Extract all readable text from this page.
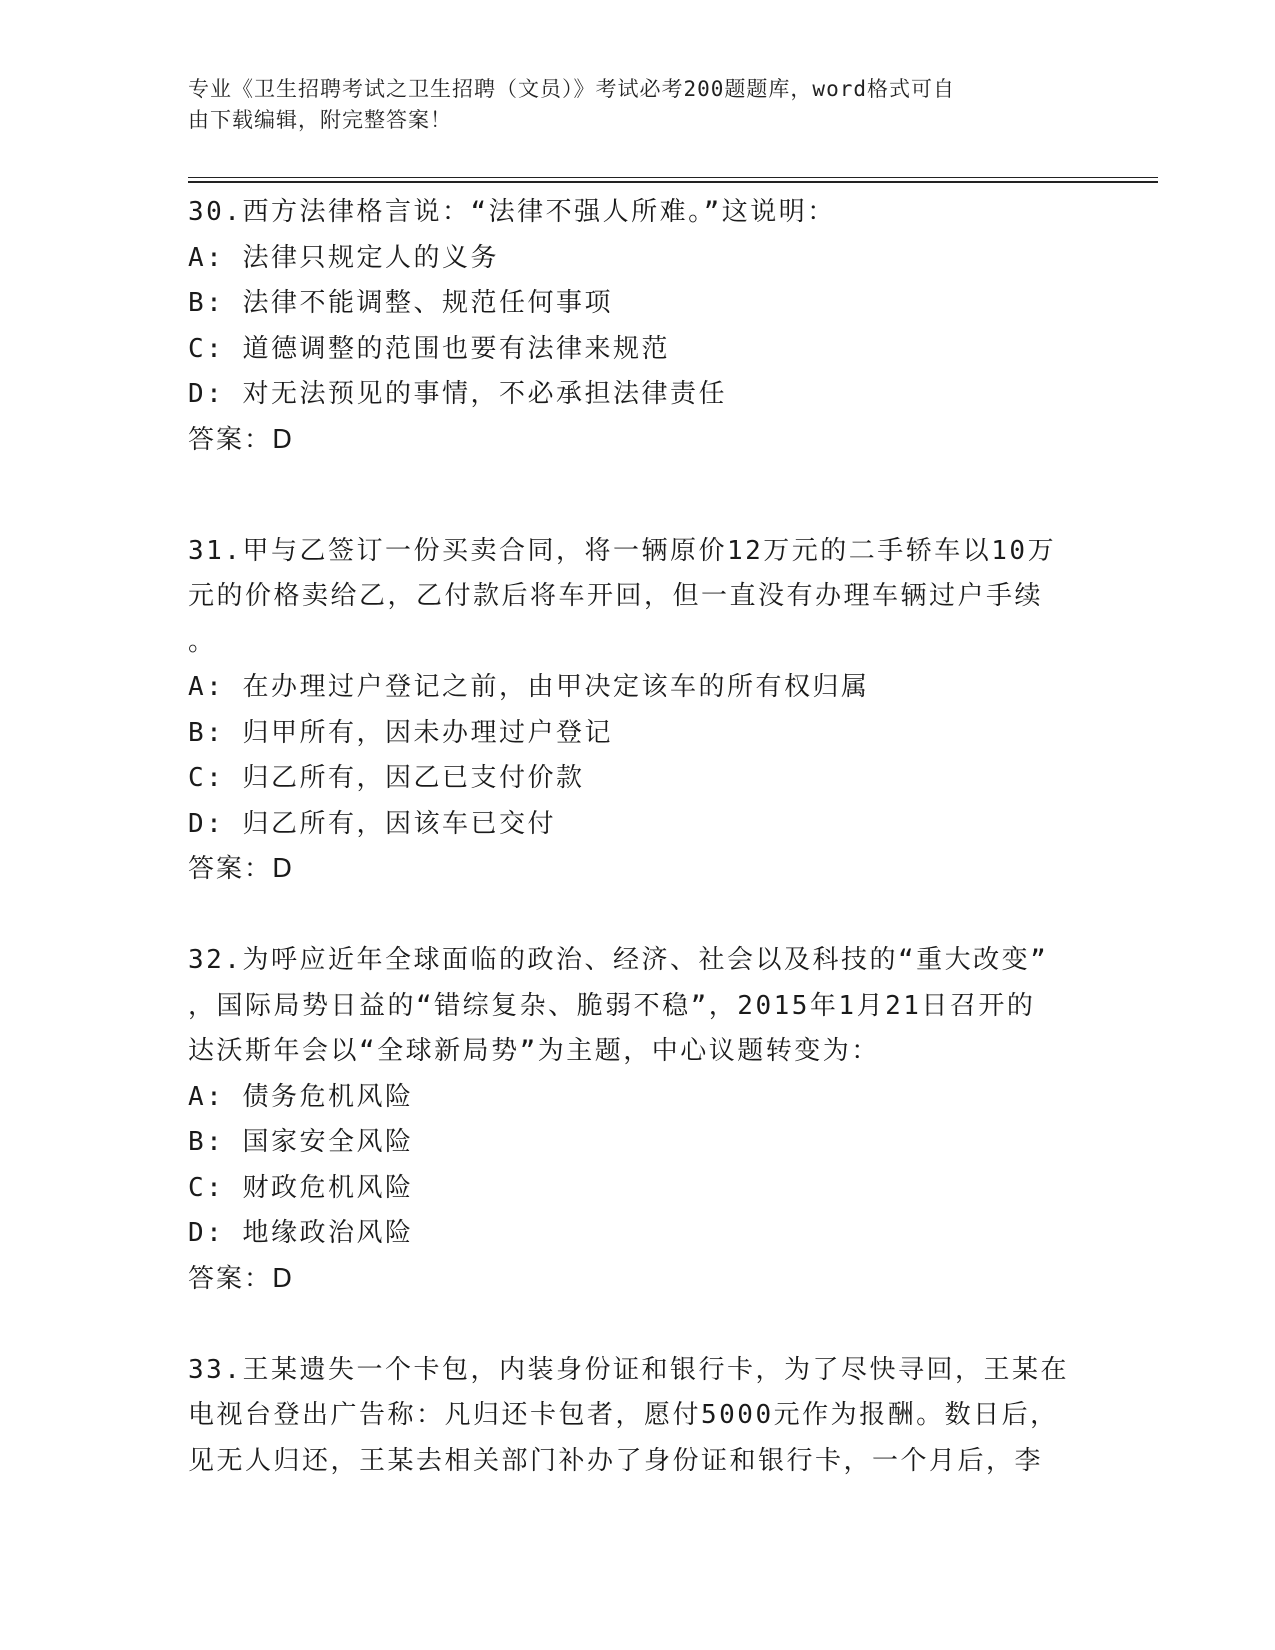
专业《卫生招聘考试之卫生招聘（文员）》考试必考200题题库，word格式可自
由下载编辑，附完整答案！
30.西方法律格言说：“法律不强人所难。”这说明：
A: 法律只规定人的义务
B: 法律不能调整、规范任何事项
C: 道德调整的范围也要有法律来规范
D: 对无法预见的事情，不必承担法律责任
答案：D
31.甲与乙签订一份买卖合同，将一辆原价12万元的二手轿车以10万
元的价格卖给乙，乙付款后将车开回，但一直没有办理车辆过户手续
。
A: 在办理过户登记之前，由甲决定该车的所有权归属
B: 归甲所有，因未办理过户登记
C: 归乙所有，因乙已支付价款
D: 归乙所有，因该车已交付
答案：D
32.为呼应近年全球面临的政治、经济、社会以及科技的“重大改变”
，国际局势日益的“错综复杂、脆弱不稳”，2015年1月21日召开的
达沃斯年会以“全球新局势”为主题，中心议题转变为：
A: 债务危机风险
B: 国家安全风险
C: 财政危机风险
D: 地缘政治风险
答案：D
33.王某遗失一个卡包，内装身份证和银行卡，为了尽快寻回，王某在
电视台登出广告称：凡归还卡包者，愿付5000元作为报酬。数日后，
见无人归还，王某去相关部门补办了身份证和银行卡，一个月后，李
